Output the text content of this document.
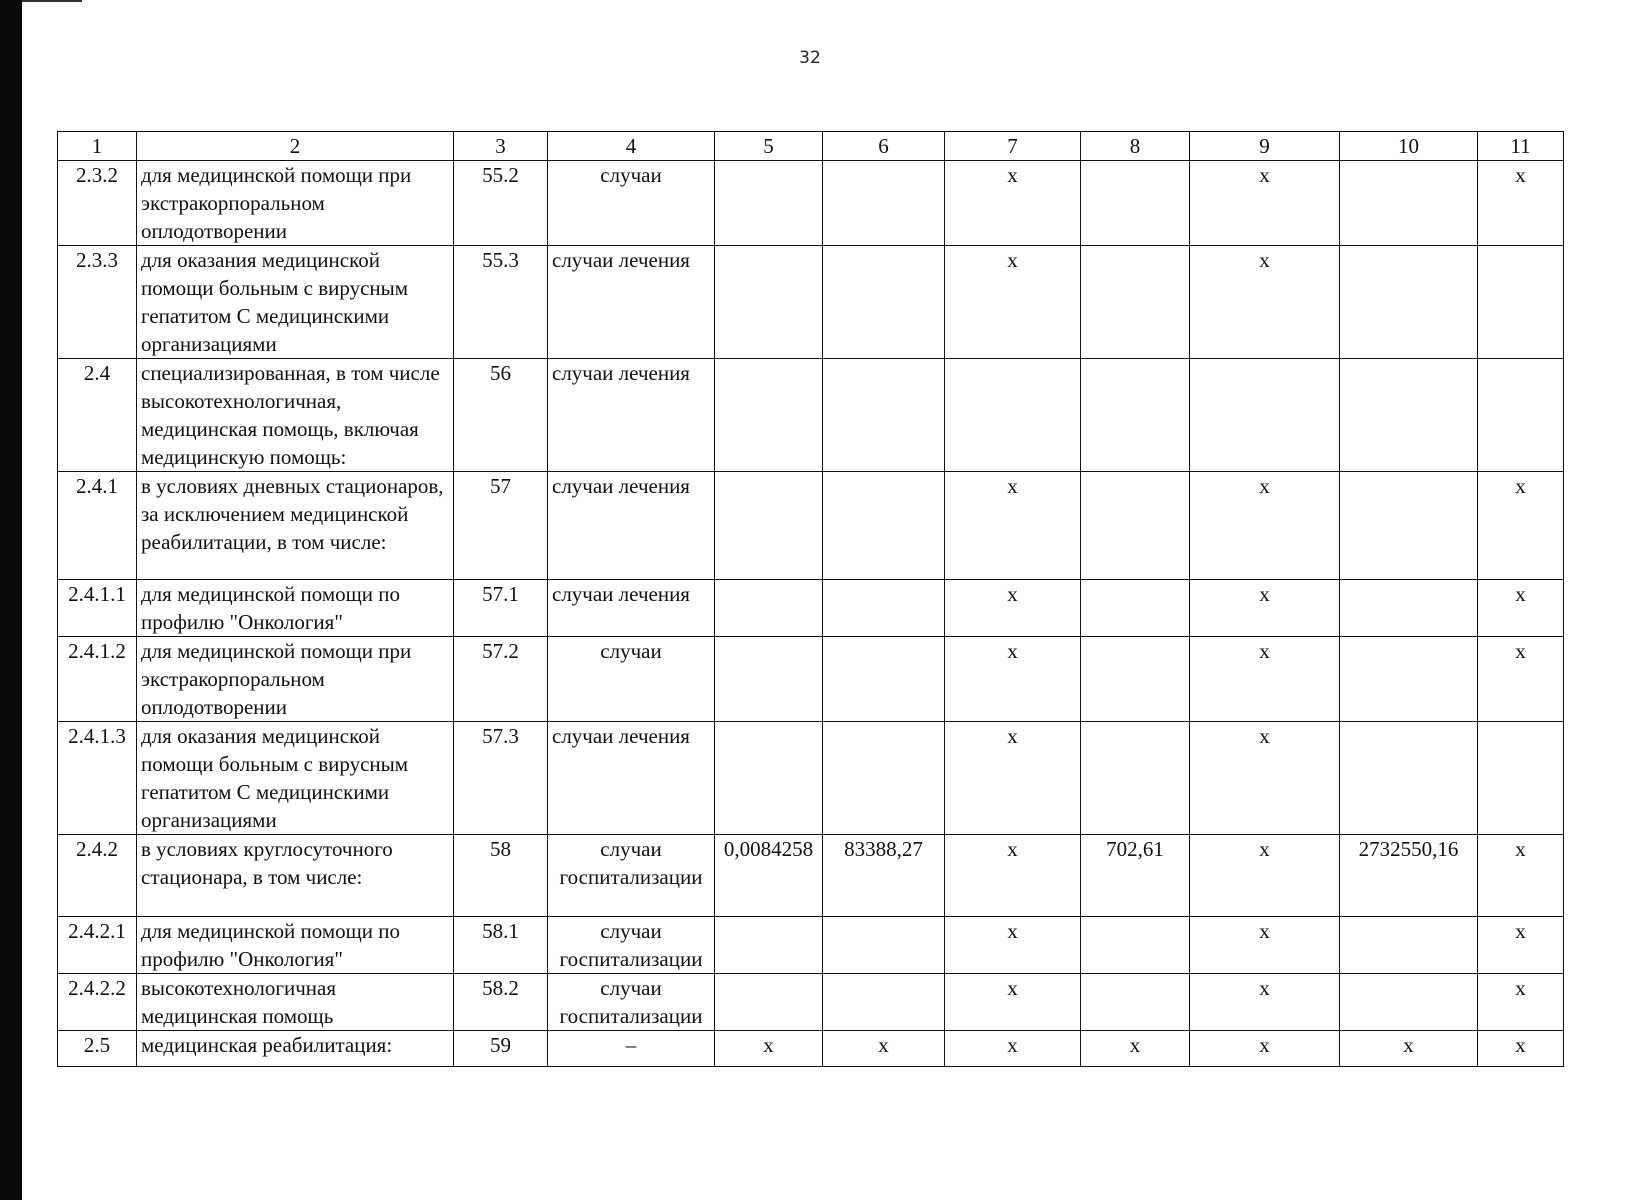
32
1	2	3	4	5	6	7	8	9	10	11
2.3.2	для медицинской помощи при экстракорпоральном оплодотворении	55.2	случаи			x		x		x
2.3.3	для оказания медицинской помощи больным с вирусным гепатитом С медицинскими организациями	55.3	случаи лечения			x		x		
2.4	специализированная, в том числе высокотехнологичная, медицинская помощь, включая медицинскую помощь:	56	случаи лечения							
2.4.1	в условиях дневных стационаров, за исключением медицинской реабилитации, в том числе:	57	случаи лечения			x		x		x
2.4.1.1	для медицинской помощи по профилю "Онкология"	57.1	случаи лечения			x		x		x
2.4.1.2	для медицинской помощи при экстракорпоральном оплодотворении	57.2	случаи			x		x		x
2.4.1.3	для оказания медицинской помощи больным с вирусным гепатитом С медицинскими организациями	57.3	случаи лечения			x		x		
2.4.2	в условиях круглосуточного стационара, в том числе:	58	случаи госпитализации	0,0084258	83388,27	x	702,61	x	2732550,16	x
2.4.2.1	для медицинской помощи по профилю "Онкология"	58.1	случаи госпитализации			x		x		x
2.4.2.2	высокотехнологичная медицинская помощь	58.2	случаи госпитализации			x		x		x
2.5	медицинская реабилитация:	59	–	x	x	x	x	x	x	x
